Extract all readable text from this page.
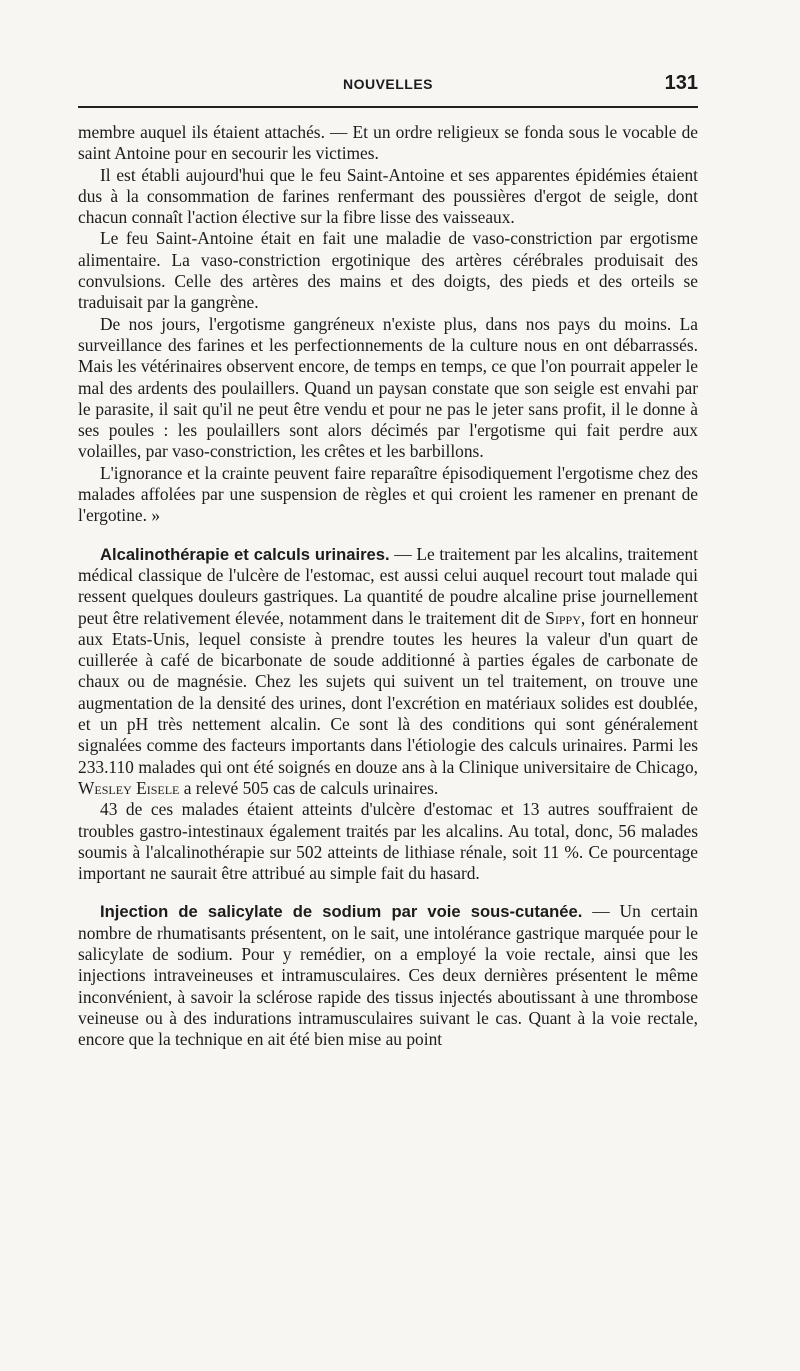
NOUVELLES	131

membre auquel ils étaient attachés. — Et un ordre religieux se fonda sous le vocable de saint Antoine pour en secourir les victimes.

Il est établi aujourd'hui que le feu Saint-Antoine et ses apparentes épidémies étaient dus à la consommation de farines renfermant des poussières d'ergot de seigle, dont chacun connaît l'action élective sur la fibre lisse des vaisseaux.

Le feu Saint-Antoine était en fait une maladie de vaso-constriction par ergotisme alimentaire. La vaso-constriction ergotinique des artères cérébrales produisait des convulsions. Celle des artères des mains et des doigts, des pieds et des orteils se traduisait par la gangrène.

De nos jours, l'ergotisme gangréneux n'existe plus, dans nos pays du moins. La surveillance des farines et les perfectionnements de la culture nous en ont débarrassés. Mais les vétérinaires observent encore, de temps en temps, ce que l'on pourrait appeler le mal des ardents des poulaillers. Quand un paysan constate que son seigle est envahi par le parasite, il sait qu'il ne peut être vendu et pour ne pas le jeter sans profit, il le donne à ses poules : les poulaillers sont alors décimés par l'ergotisme qui fait perdre aux volailles, par vaso-constriction, les crêtes et les barbillons.

L'ignorance et la crainte peuvent faire reparaître épisodiquement l'ergotisme chez des malades affolées par une suspension de règles et qui croient les ramener en prenant de l'ergotine. »

Alcalinothérapie et calculs urinaires. — Le traitement par les alcalins, traitement médical classique de l'ulcère de l'estomac, est aussi celui auquel recourt tout malade qui ressent quelques douleurs gastriques. La quantité de poudre alcaline prise journellement peut être relativement élevée, notamment dans le traitement dit de Sippy, fort en honneur aux Etats-Unis, lequel consiste à prendre toutes les heures la valeur d'un quart de cuillerée à café de bicarbonate de soude additionné à parties égales de carbonate de chaux ou de magnésie. Chez les sujets qui suivent un tel traitement, on trouve une augmentation de la densité des urines, dont l'excrétion en matériaux solides est doublée, et un pH très nettement alcalin. Ce sont là des conditions qui sont généralement signalées comme des facteurs importants dans l'étiologie des calculs urinaires. Parmi les 233.110 malades qui ont été soignés en douze ans à la Clinique universitaire de Chicago, Wesley Eisele a relevé 505 cas de calculs urinaires.

43 de ces malades étaient atteints d'ulcère d'estomac et 13 autres souffraient de troubles gastro-intestinaux également traités par les alcalins. Au total, donc, 56 malades soumis à l'alcalinothérapie sur 502 atteints de lithiase rénale, soit 11 %. Ce pourcentage important ne saurait être attribué au simple fait du hasard.

Injection de salicylate de sodium par voie sous-cutanée. — Un certain nombre de rhumatisants présentent, on le sait, une intolérance gastrique marquée pour le salicylate de sodium. Pour y remédier, on a employé la voie rectale, ainsi que les injections intraveineuses et intramusculaires. Ces deux dernières présentent le même inconvénient, à savoir la sclérose rapide des tissus injectés aboutissant à une thrombose veineuse ou à des indurations intramusculaires suivant le cas. Quant à la voie rectale, encore que la technique en ait été bien mise au point
